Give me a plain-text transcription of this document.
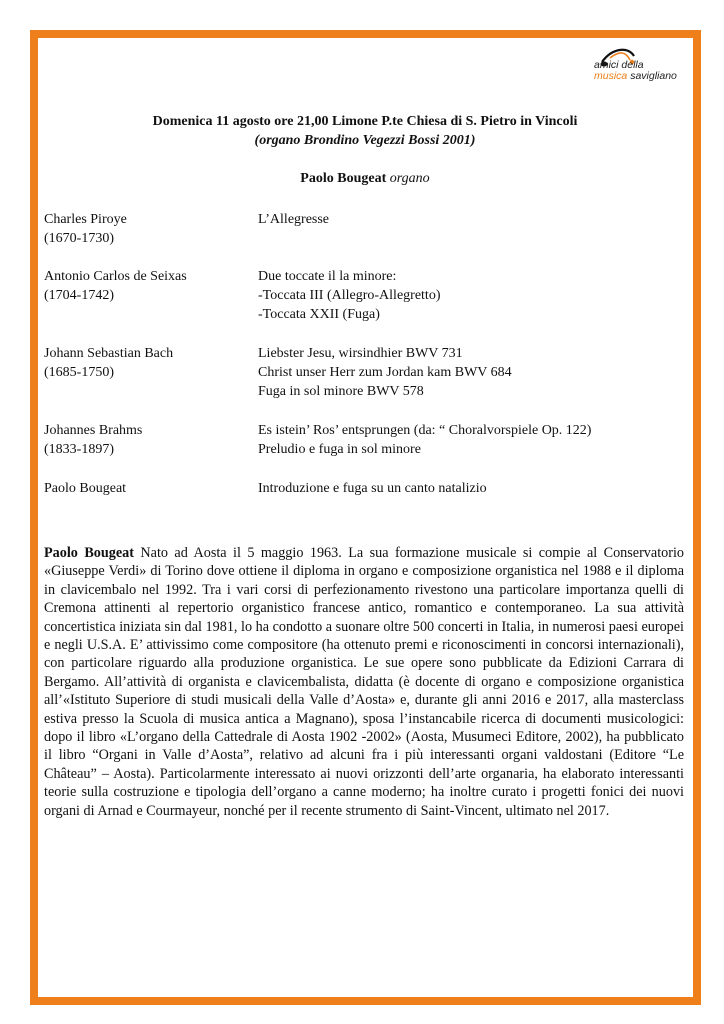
amici della
musica savigliano
Domenica 11 agosto ore 21,00 Limone P.te Chiesa di S. Pietro in Vincoli
(organo Brondino Vegezzi Bossi 2001)
Paolo Bougeat organo
Charles Piroye
(1670-1730)
L’Allegresse
Antonio Carlos de Seixas
(1704-1742)
Due toccate il la minore:
-Toccata III (Allegro-Allegretto)
-Toccata XXII (Fuga)
Johann Sebastian Bach
(1685-1750)
Liebster Jesu, wirsindhier BWV 731
Christ unser Herr zum Jordan kam BWV 684
Fuga in sol minore BWV 578
Johannes Brahms
(1833-1897)
Es istein’ Ros’ entsprungen (da: “ Choralvorspiele Op. 122)
Preludio e fuga in sol minore
Paolo Bougeat	Introduzione e fuga su un canto natalizio
Paolo Bougeat Nato ad Aosta il 5 maggio 1963. La sua formazione musicale si compie al Conservatorio «Giuseppe Verdi» di Torino dove ottiene il diploma in organo e composizione organistica nel 1988 e il diploma in clavicembalo nel 1992. Tra i vari corsi di perfezionamento rivestono una particolare importanza quelli di Cremona attinenti al repertorio organistico francese antico, romantico e contemporaneo. La sua attività concertistica iniziata sin dal 1981, lo ha condotto a suonare oltre 500 concerti in Italia, in numerosi paesi europei e negli U.S.A. E’ attivissimo come compositore (ha ottenuto premi e riconoscimenti in concorsi internazionali), con particolare riguardo alla produzione organistica. Le sue opere sono pubblicate da Edizioni Carrara di Bergamo. All’attività di organista e clavicembalista, didatta (è docente di organo e composizione organistica all’«Istituto Superiore di studi musicali della Valle d’Aosta» e, durante gli anni 2016 e 2017, alla masterclass estiva presso la Scuola di musica antica a Magnano), sposa l’instancabile ricerca di documenti musicologici: dopo il libro «L’organo della Cattedrale di Aosta 1902 -2002» (Aosta, Musumeci Editore, 2002), ha pubblicato il libro “Organi in Valle d’Aosta”, relativo ad alcuni fra i più interessanti organi valdostani (Editore “Le Château” – Aosta). Particolarmente interessato ai nuovi orizzonti dell’arte organaria, ha elaborato interessanti teorie sulla costruzione e tipologia dell’organo a canne moderno; ha inoltre curato i progetti fonici dei nuovi organi di Arnad e Courmayeur, nonché per il recente strumento di Saint-Vincent, ultimato nel 2017.
